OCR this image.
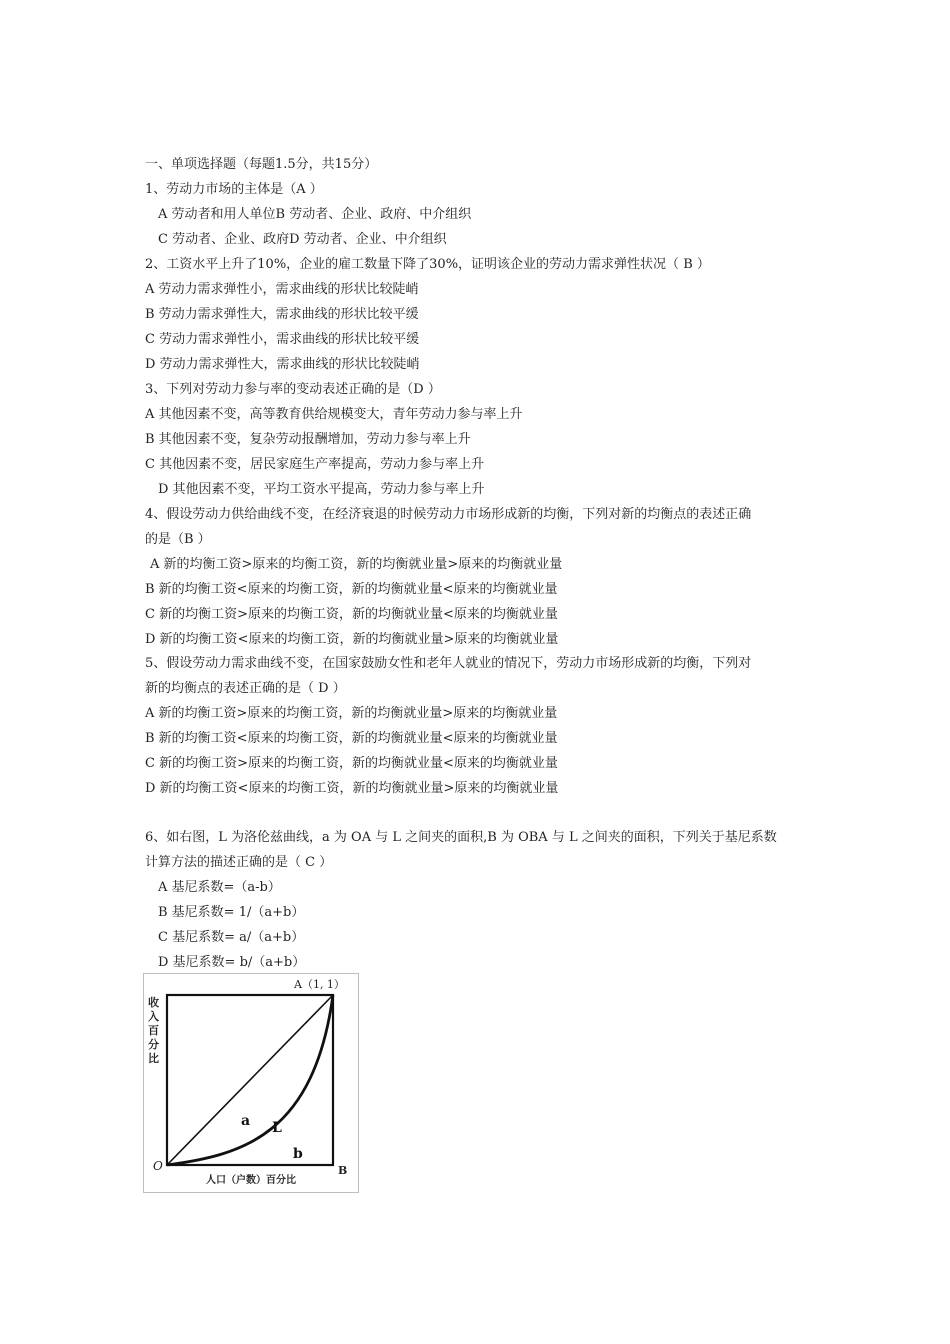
一、单项选择题（每题1.5分，共15分）
1、劳动力市场的主体是（A ）
A 劳动者和用人单位B 劳动者、企业、政府、中介组织
C 劳动者、企业、政府D 劳动者、企业、中介组织
2、工资水平上升了10%，企业的雇工数量下降了30%，证明该企业的劳动力需求弹性状况（ B ）
A 劳动力需求弹性小，需求曲线的形状比较陡峭
B 劳动力需求弹性大，需求曲线的形状比较平缓
C 劳动力需求弹性小，需求曲线的形状比较平缓
D 劳动力需求弹性大，需求曲线的形状比较陡峭
3、下列对劳动力参与率的变动表述正确的是（D ）
A 其他因素不变，高等教育供给规模变大，青年劳动力参与率上升
B 其他因素不变，复杂劳动报酬增加，劳动力参与率上升
C 其他因素不变，居民家庭生产率提高，劳动力参与率上升
D 其他因素不变，平均工资水平提高，劳动力参与率上升
4、假设劳动力供给曲线不变，在经济衰退的时候劳动力市场形成新的均衡，下列对新的均衡点的表述正确
的是（B ）
A 新的均衡工资>原来的均衡工资，新的均衡就业量>原来的均衡就业量
B 新的均衡工资<原来的均衡工资，新的均衡就业量<原来的均衡就业量
C 新的均衡工资>原来的均衡工资，新的均衡就业量<原来的均衡就业量
D 新的均衡工资<原来的均衡工资，新的均衡就业量>原来的均衡就业量
5、假设劳动力需求曲线不变，在国家鼓励女性和老年人就业的情况下，劳动力市场形成新的均衡，下列对
新的均衡点的表述正确的是（ D ）
A 新的均衡工资>原来的均衡工资，新的均衡就业量>原来的均衡就业量
B 新的均衡工资<原来的均衡工资，新的均衡就业量<原来的均衡就业量
C 新的均衡工资>原来的均衡工资，新的均衡就业量<原来的均衡就业量
D 新的均衡工资<原来的均衡工资，新的均衡就业量>原来的均衡就业量
6、如右图，L 为洛伦兹曲线，a 为 OA 与 L 之间夹的面积,B 为 OBA 与 L 之间夹的面积，下列关于基尼系数
计算方法的描述正确的是（ C ）
A 基尼系数=（a-b）
B 基尼系数= 1/（a+b）
C 基尼系数= a/（a+b）
D 基尼系数= b/（a+b）
A（1, 1）
收
入
百
分
比
a L
b
O	B
人口（户数）百分比
